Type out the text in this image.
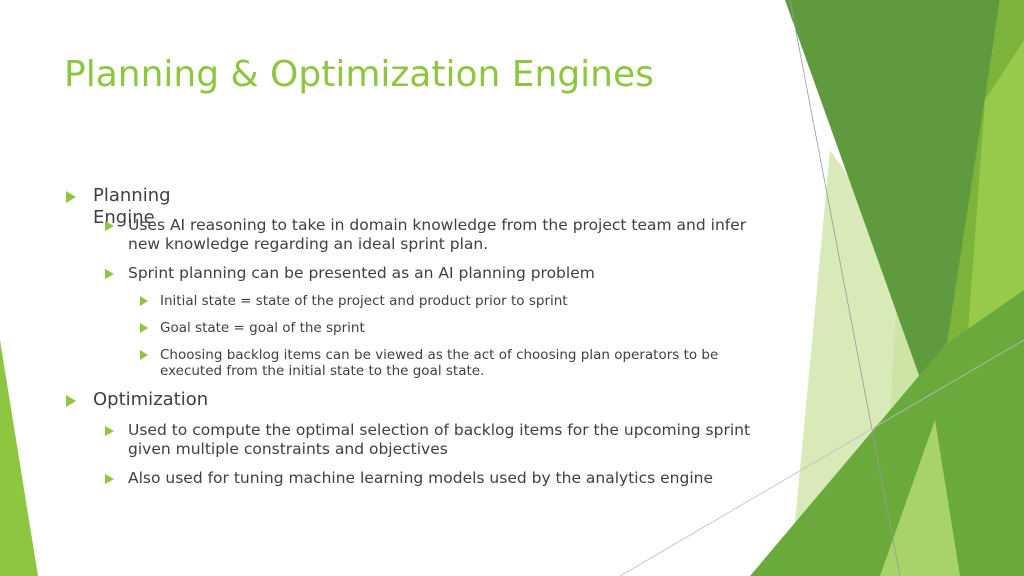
Planning & Optimization Engines
Planning Engine
Uses AI reasoning to take in domain knowledge from the project team and infer new knowledge regarding an ideal sprint plan.
Sprint planning can be presented as an AI planning problem
Initial state = state of the project and product prior to sprint
Goal state = goal of the sprint
Choosing backlog items can be viewed as the act of choosing plan operators to be executed from the initial state to the goal state.
Optimization
Used to compute the optimal selection of backlog items for the upcoming sprint given multiple constraints and objectives
Also used for tuning machine learning models used by the analytics engine
